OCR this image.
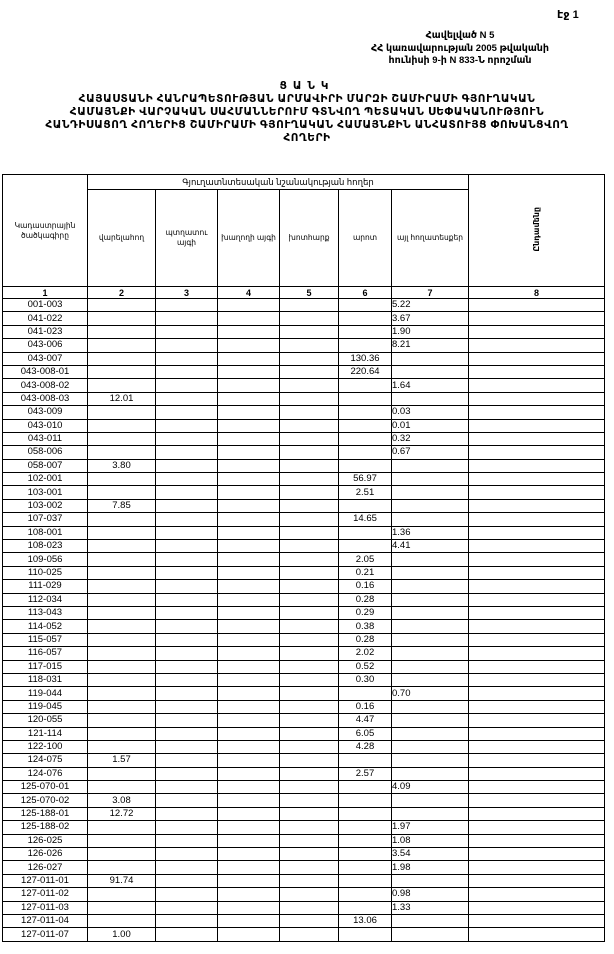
էջ 1
Հավելված N 5
ՀՀ կառավարության 2005 թվականի
հունիսի 9-ի N 833-Ն որոշման
ՑԱՆԿ
ՀԱՅԱՍՏԱՆԻ ՀԱՆՐԱՊԵՏՈՒԹՅԱՆ ԱՐՄԱՎԻՐԻ ՄԱՐԶԻ ՇԱՄԻՐԱՄԻ ԳՅՈՒՂԱԿԱՆ
ՀԱՄԱՅՆՔԻ ՎԱՐՉԱԿԱՆ ՍԱՀՄԱՆՆԵՐՈՒՄ ԳՏՆՎՈՂ ՊԵՏԱԿԱՆ ՍԵՓԱԿԱՆՈՒԹՅՈՒՆ
ՀԱՆԴԻՍԱՑՈՂ ՀՈՂԵՐԻՑ ՇԱՄԻՐԱՄԻ ԳՅՈՒՂԱԿԱՆ ՀԱՄԱՅՆՔԻՆ ԱՆՀԱՏՈՒՅՑ ՓՈԽԱՆՑՎՈՂ
ՀՈՂԵՐԻ
Կադաստրային ծածկագիրը	Գյուղատնտեսական նշանակության հողեր						Ընդամենը

	վարելահող	պտղատու այգի	խաղողի այգի	խոտհարք	արոտ	այլ հողատեսքեր	

1	2	3	4	5	6	7	8
001-003						5.22	
041-022						3.67	
041-023						1.90	
043-006						8.21	
043-007					130.36		
043-008-01					220.64		
043-008-02						1.64	
043-008-03	12.01						
043-009						0.03	
043-010						0.01	
043-011						0.32	
058-006						0.67	
058-007	3.80						
102-001					56.97		
103-001					2.51		
103-002	7.85						
107-037					14.65		
108-001						1.36	
108-023						4.41	
109-056					2.05		
110-025					0.21		
111-029					0.16		
112-034					0.28		
113-043					0.29		
114-052					0.38		
115-057					0.28		
116-057					2.02		
117-015					0.52		
118-031					0.30		
119-044						0.70	
119-045					0.16		
120-055					4.47		
121-114					6.05		
122-100					4.28		
124-075	1.57						
124-076					2.57		
125-070-01						4.09	
125-070-02	3.08						
125-188-01	12.72						
125-188-02						1.97	
126-025						1.08	
126-026						3.54	
126-027						1.98	
127-011-01	91.74						
127-011-02						0.98	
127-011-03						1.33	
127-011-04					13.06		
127-011-07	1.00						
